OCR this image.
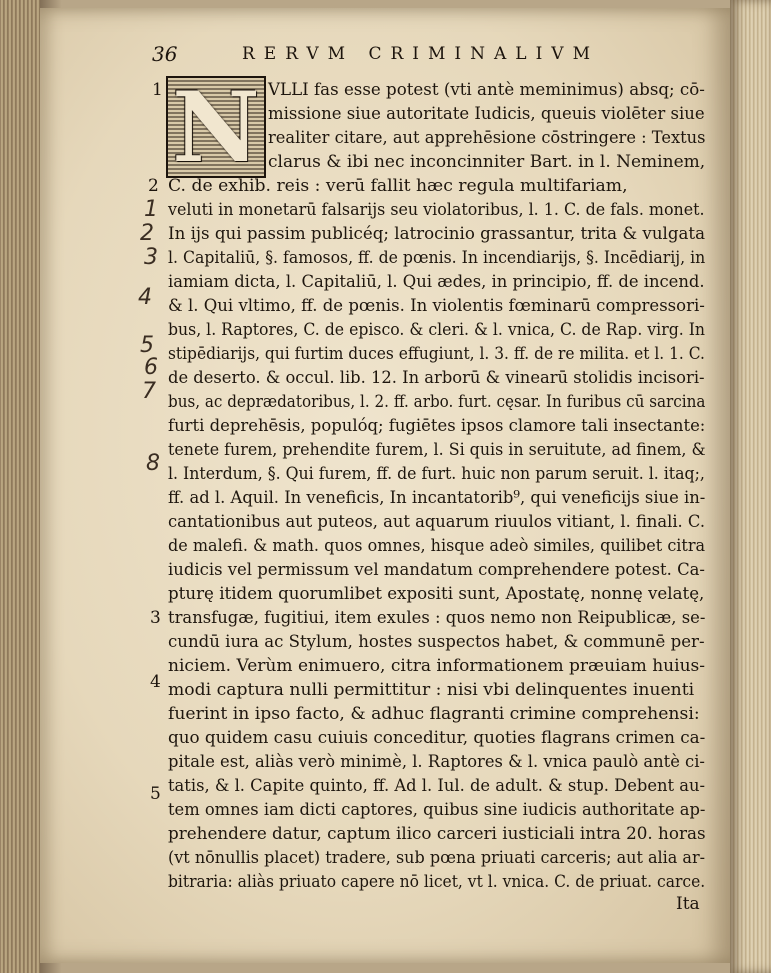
36	RERVM CRIMINALIVM
N
1
2
3
4
5
1
2
3
4
5
6
7
8
VLLI fas esse potest (vti antè meminimus) absq; cō-
missione siue autoritate Iudicis, queuis violēter siue
realiter citare, aut apprehēsione cōstringere : Textus
clarus & ibi nec inconcinniter Bart. in l. Neminem,
C. de exhib. reis : verū fallit hæc regula multifariam,
veluti in monetarū falsarijs seu violatoribus, l. 1. C. de fals. monet.
In ijs qui passim publicéq; latrocinio grassantur, trita & vulgata
l. Capitaliū, §. famosos, ff. de pœnis. In incendiarijs, §. Incēdiarij, in
iamiam dicta, l. Capitaliū, l. Qui ædes, in principio, ff. de incend.
& l. Qui vltimo, ff. de pœnis. In violentis fœminarū compressori-
bus, l. Raptores, C. de episco. & cleri. & l. vnica, C. de Rap. virg. In
stipēdiarijs, qui furtim duces effugiunt, l. 3. ff. de re milita. et l. 1. C.
de deserto. & occul. lib. 12. In arborū & vinearū stolidis incisori-
bus, ac deprædatoribus, l. 2. ff. arbo. furt. cęsar. In furibus cū sarcina
furti deprehēsis, populóq; fugiētes ipsos clamore tali insectante:
tenete furem, prehendite furem, l. Si quis in seruitute, ad finem, &
l. Interdum, §. Qui furem, ff. de furt. huic non parum seruit. l. itaq;,
ff. ad l. Aquil. In veneficis, In incantatorib⁹, qui veneficijs siue in-
cantationibus aut puteos, aut aquarum riuulos vitiant, l. finali. C.
de malefi. & math. quos omnes, hisque adeò similes, quilibet citra
iudicis vel permissum vel mandatum comprehendere potest. Ca-
pturę itidem quorumlibet expositi sunt, Apostatę, nonnę velatę,
transfugæ, fugitiui, item exules : quos nemo non Reipublicæ, se-
cundū iura ac Stylum, hostes suspectos habet, & communē per-
niciem. Verùm enimuero, citra informationem præuiam huius-
modi captura nulli permittitur : nisi vbi delinquentes inuenti
fuerint in ipso facto, & adhuc flagranti crimine comprehensi:
quo quidem casu cuiuis conceditur, quoties flagrans crimen ca-
pitale est, aliàs verò minimè, l. Raptores & l. vnica paulò antè ci-
tatis, & l. Capite quinto, ff. Ad l. Iul. de adult. & stup. Debent au-
tem omnes iam dicti captores, quibus sine iudicis authoritate ap-
prehendere datur, captum ilico carceri iusticiali intra 20. horas
(vt nōnullis placet) tradere, sub pœna priuati carceris; aut alia ar-
bitraria: aliàs priuato capere nō licet, vt l. vnica. C. de priuat. carce.
Ita
